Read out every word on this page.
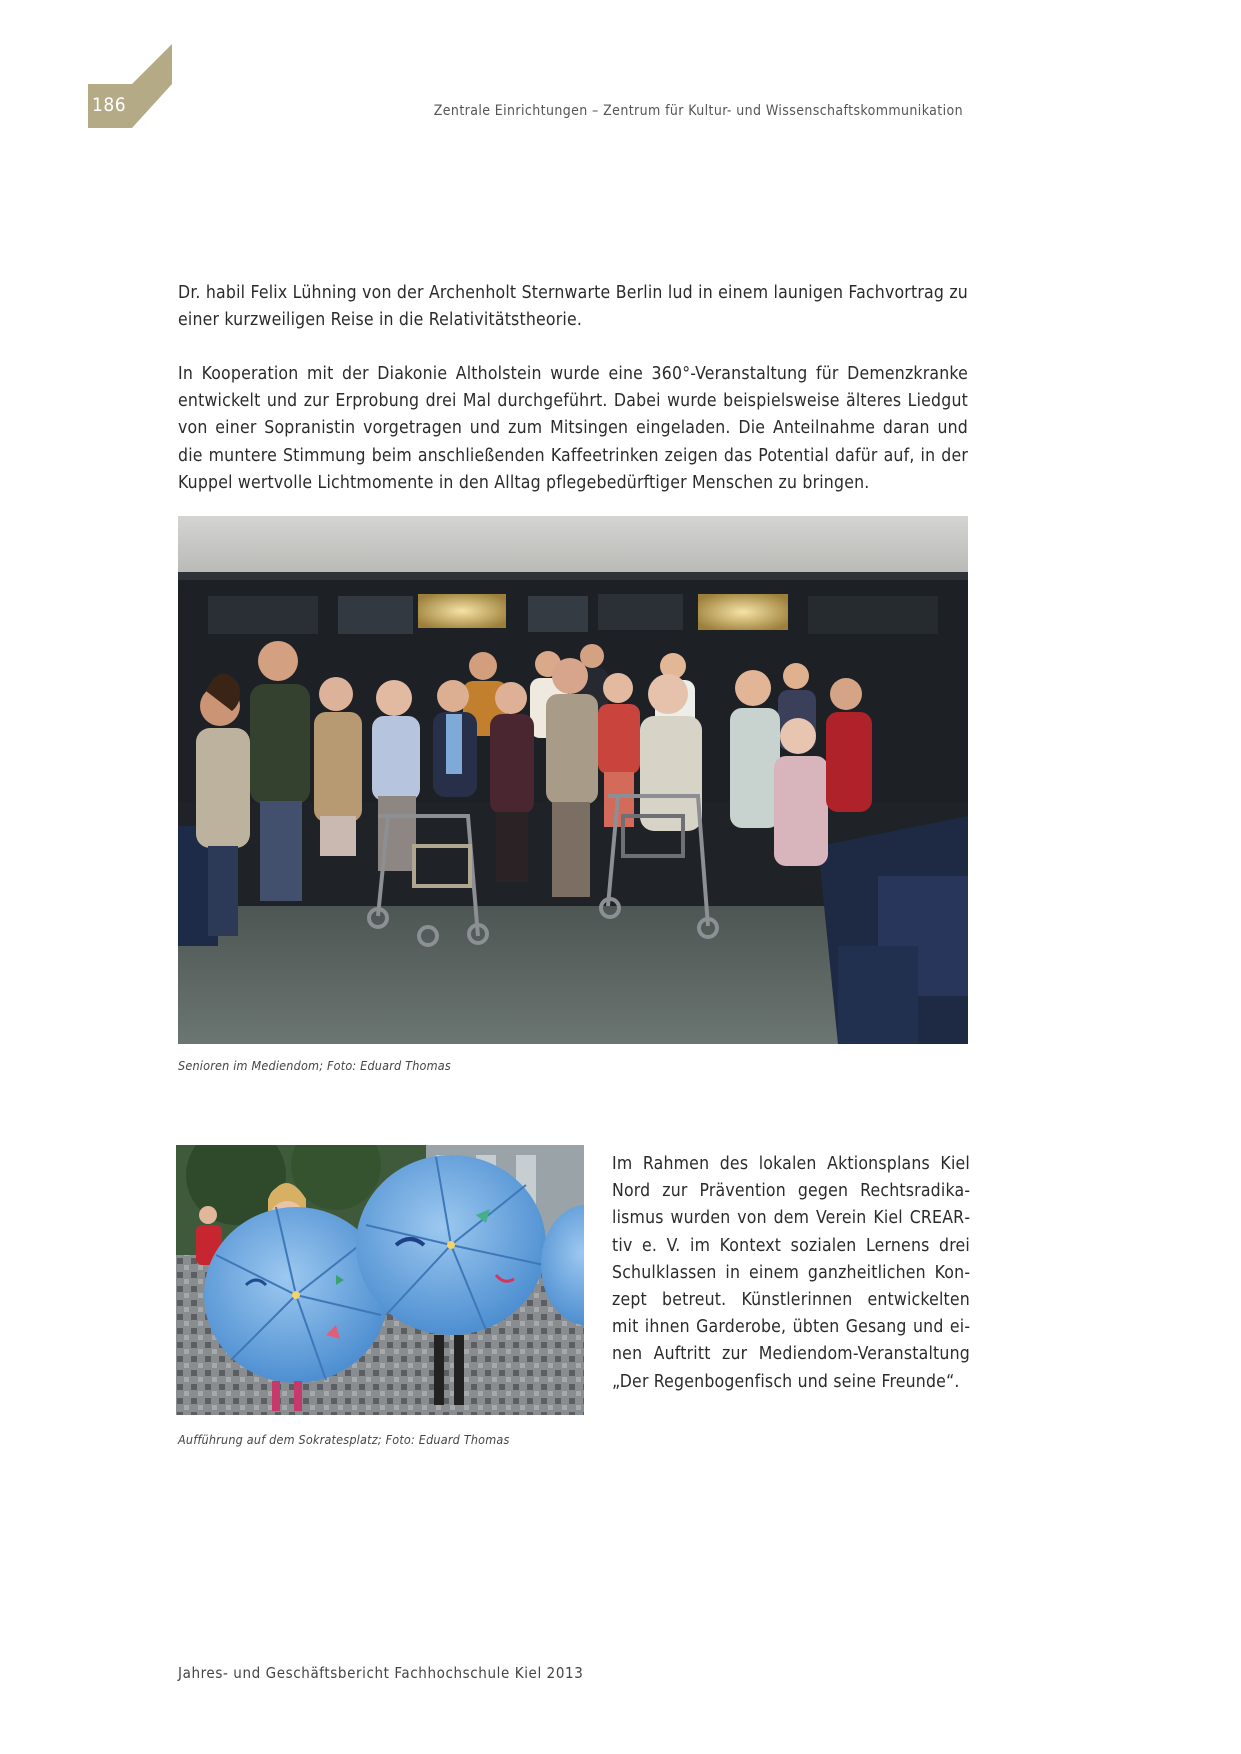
186	Zentrale Einrichtungen – Zentrum für Kultur- und Wissenschaftskommunikation

Dr. habil Felix Lühning von der Archenholt Sternwarte Berlin lud in einem launigen Fachvortrag zu einer kurzweiligen Reise in die Relativitätstheorie.

In Kooperation mit der Diakonie Altholstein wurde eine 360°-Veranstaltung für Demenzkranke entwickelt und zur Erprobung drei Mal durchgeführt. Dabei wurde beispielsweise älteres Liedgut von einer Sopranistin vorgetragen und zum Mitsingen eingeladen. Die Anteilnahme daran und die muntere Stimmung beim anschließenden Kaffeetrinken zeigen das Potential dafür auf, in der Kuppel wertvolle Lichtmomente in den Alltag pflegebedürftiger Menschen zu bringen.

Senioren im Mediendom; Foto: Eduard Thomas
Aufführung auf dem Sokratesplatz; Foto: Eduard Thomas

Im Rahmen des lokalen Aktionsplans Kiel Nord zur Prävention gegen Rechtsradikalismus wurden von dem Verein Kiel CREARtiv e. V. im Kontext sozialen Lernens drei Schulklassen in einem ganzheitlichen Konzept betreut. Künstlerinnen entwickelten mit ihnen Garderobe, übten Gesang und einen Auftritt zur Mediendom-Veranstaltung „Der Regenbogenfisch und seine Freunde“.

Jahres- und Geschäftsbericht Fachhochschule Kiel 2013
